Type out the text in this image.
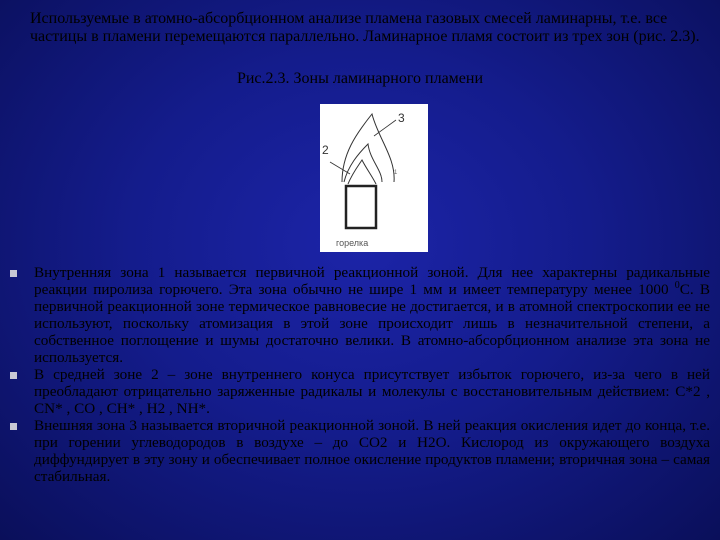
Используемые в атомно-абсорбционном анализе пламена газовых смесей ламинарны, т.е. все частицы в пламени перемещаются параллельно. Ламинарное пламя состоит из трех зон (рис. 2.3).
Рис.2.3. Зоны ламинарного пламени
3
2
1
горелка
Внутренняя зона 1 называется первичной реакционной зоной. Для нее характерны радикальные реакции пиролиза горючего. Эта зона обычно не шире 1 мм и имеет температуру менее 1000 $^0$С. В первичной реакционной зоне термическое равновесие не достигается, и в атомной спектроскопии ее не используют, поскольку атомизация в этой зоне происходит лишь в незначительной степени, а собственное поглощение и шумы достаточно велики. В атомно-абсорбционном анализе эта зона не используется.
В средней зоне 2 – зоне внутреннего конуса присутствует избыток горючего, из-за чего в ней преобладают отрицательно заряженные радикалы и молекулы с восстановительным действием: С*2 , CN* , CO , CH* , H2 , NH*.
Внешняя зона 3 называется вторичной реакционной зоной. В ней реакция окисления идет до конца, т.е. при горении углеводородов в воздухе – до СО2 и Н2О. Кислород из окружающего воздуха диффундирует в эту зону и обеспечивает полное окисление продуктов пламени; вторичная зона – самая стабильная.
